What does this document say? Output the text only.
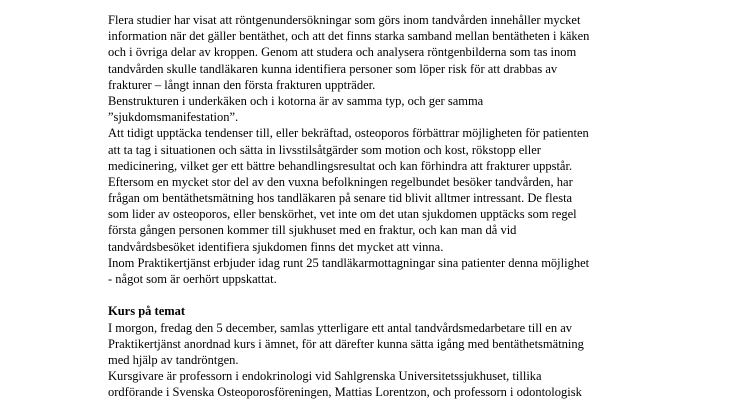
Flera studier har visat att röntgenundersökningar som görs inom tandvården innehåller mycket
information när det gäller bentäthet, och att det finns starka samband mellan bentätheten i käken
och i övriga delar av kroppen. Genom att studera och analysera röntgenbilderna som tas inom
tandvården skulle tandläkaren kunna identifiera personer som löper risk för att drabbas av
frakturer – långt innan den första frakturen uppträder.

Benstrukturen i underkäken och i kotorna är av samma typ, och ger samma
”sjukdomsmanifestation”.

Att tidigt upptäcka tendenser till, eller bekräftad, osteoporos förbättrar möjligheten för patienten
att ta tag i situationen och sätta in livsstilsåtgärder som motion och kost, rökstopp eller
medicinering, vilket ger ett bättre behandlingsresultat och kan förhindra att frakturer uppstår.

Eftersom en mycket stor del av den vuxna befolkningen regelbundet besöker tandvården, har
frågan om bentäthetsmätning hos tandläkaren på senare tid blivit alltmer intressant. De flesta
som lider av osteoporos, eller benskörhet, vet inte om det utan sjukdomen upptäcks som regel
första gången personen kommer till sjukhuset med en fraktur, och kan man då vid
tandvårdsbesöket identifiera sjukdomen finns det mycket att vinna.

Inom Praktikertjänst erbjuder idag runt 25 tandläkarmottagningar sina patienter denna möjlighet
- något som är oerhört uppskattat.

Kurs på temat

I morgon, fredag den 5 december, samlas ytterligare ett antal tandvårdsmedarbetare till en av
Praktikertjänst anordnad kurs i ämnet, för att därefter kunna sätta igång med bentäthetsmätning
med hjälp av tandröntgen.

Kursgivare är professorn i endokrinologi vid Sahlgrenska Universitetssjukhuset, tillika
ordförande i Svenska Osteoporosföreningen, Mattias Lorentzon, och professorn i odontologisk
